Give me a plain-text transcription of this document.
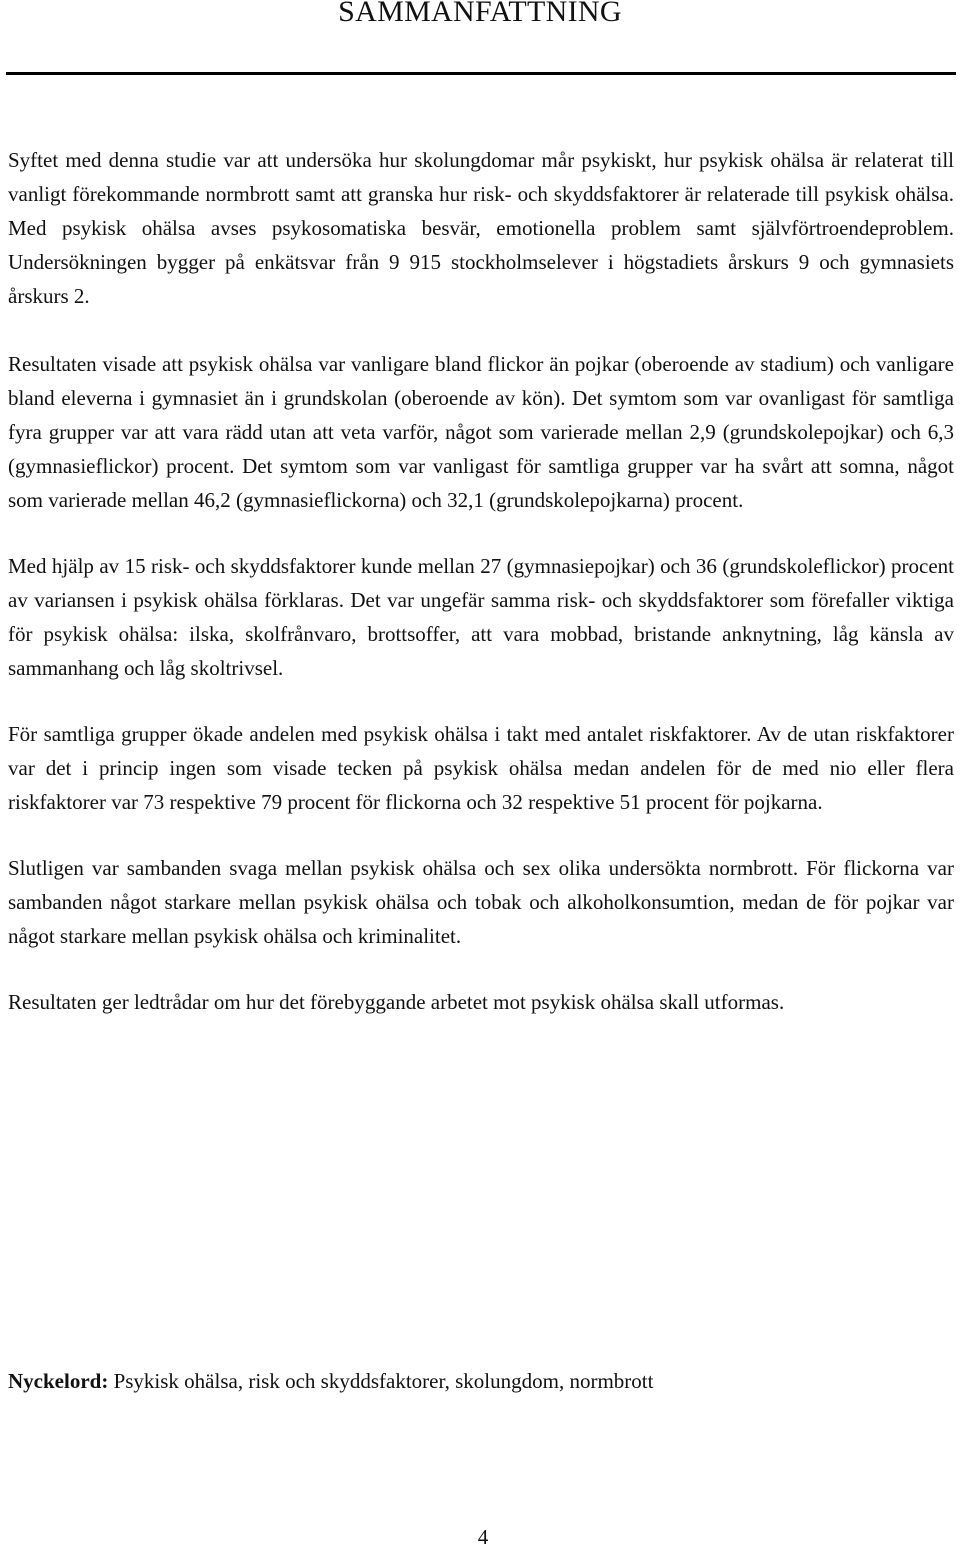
SAMMANFATTNING

Syftet med denna studie var att undersöka hur skolungdomar mår psykiskt, hur psykisk ohälsa är relaterat till vanligt förekommande normbrott samt att granska hur risk- och skyddsfaktorer är relaterade till psykisk ohälsa. Med psykisk ohälsa avses psykosomatiska besvär, emotionella problem samt självförtroendeproblem. Undersökningen bygger på enkätsvar från 9 915 stockholmselever i högstadiets årskurs 9 och gymnasiets årskurs 2.

Resultaten visade att psykisk ohälsa var vanligare bland flickor än pojkar (oberoende av stadium) och vanligare bland eleverna i gymnasiet än i grundskolan (oberoende av kön). Det symtom som var ovanligast för samtliga fyra grupper var att vara rädd utan att veta varför, något som varierade mellan 2,9 (grundskolepojkar) och 6,3 (gymnasieflickor) procent. Det symtom som var vanligast för samtliga grupper var ha svårt att somna, något som varierade mellan 46,2 (gymnasieflickorna) och 32,1 (grundskolepojkarna) procent.

Med hjälp av 15 risk- och skyddsfaktorer kunde mellan 27 (gymnasiepojkar) och 36 (grundskoleflickor) procent av variansen i psykisk ohälsa förklaras. Det var ungefär samma risk- och skyddsfaktorer som förefaller viktiga för psykisk ohälsa: ilska, skolfrånvaro, brottsoffer, att vara mobbad, bristande anknytning, låg känsla av sammanhang och låg skoltrivsel.

För samtliga grupper ökade andelen med psykisk ohälsa i takt med antalet riskfaktorer. Av de utan riskfaktorer var det i princip ingen som visade tecken på psykisk ohälsa medan andelen för de med nio eller flera riskfaktorer var 73 respektive 79 procent för flickorna och 32 respektive 51 procent för pojkarna.

Slutligen var sambanden svaga mellan psykisk ohälsa och sex olika undersökta normbrott. För flickorna var sambanden något starkare mellan psykisk ohälsa och tobak och alkoholkonsumtion, medan de för pojkar var något starkare mellan psykisk ohälsa och kriminalitet.

Resultaten ger ledtrådar om hur det förebyggande arbetet mot psykisk ohälsa skall utformas.

Nyckelord: Psykisk ohälsa, risk och skyddsfaktorer, skolungdom, normbrott
4
